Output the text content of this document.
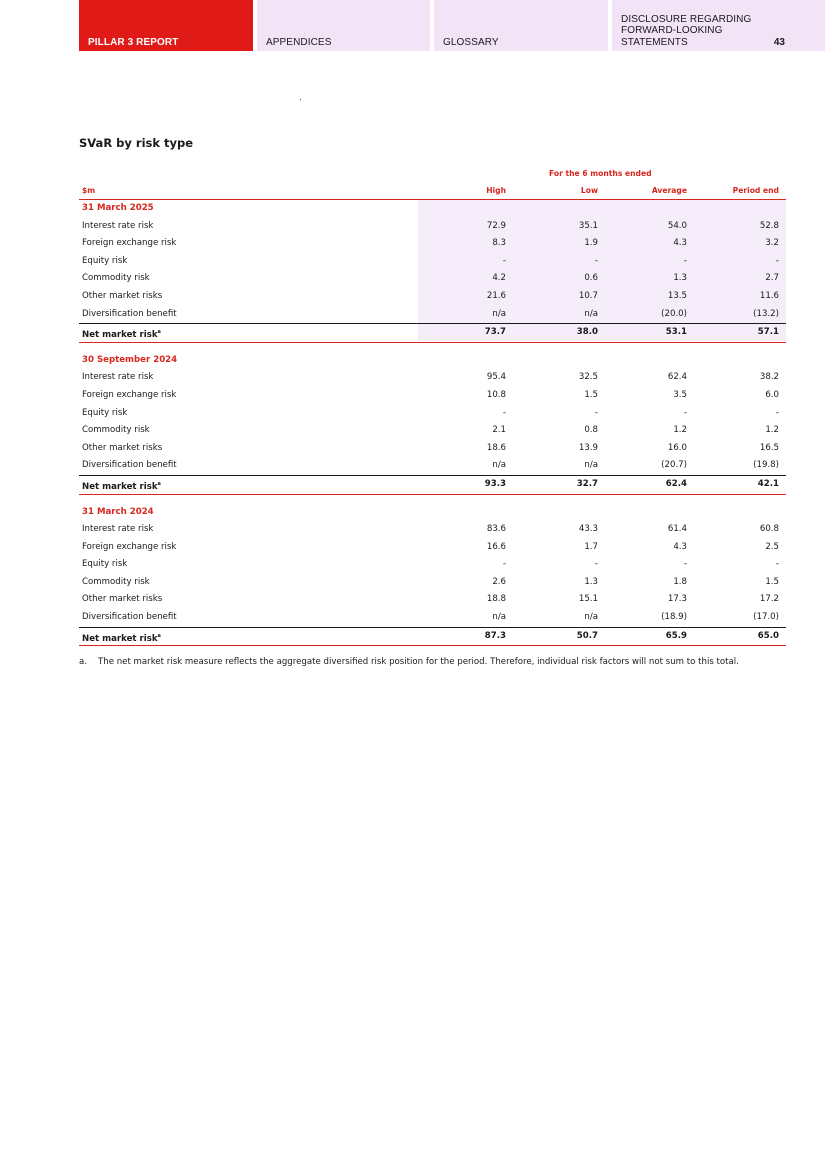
PILLAR 3 REPORT	APPENDICES	GLOSSARY
DISCLOSURE REGARDING FORWARD-LOOKING STATEMENTS	43
SVaR by risk type
For the 6 months ended
$m	High	Low	Average	Period end
31 March 2025
Interest rate risk	72.9	35.1	54.0	52.8
Foreign exchange risk	8.3	1.9	4.3	3.2
Equity risk	-	-	-	-
Commodity risk	4.2	0.6	1.3	2.7
Other market risks	21.6	10.7	13.5	11.6
Diversification benefit	n/a	n/a	(20.0)	(13.2)
Net market risk$^a$	73.7	38.0	53.1	57.1
30 September 2024
Interest rate risk	95.4	32.5	62.4	38.2
Foreign exchange risk	10.8	1.5	3.5	6.0
Equity risk	-	-	-	-
Commodity risk	2.1	0.8	1.2	1.2
Other market risks	18.6	13.9	16.0	16.5
Diversification benefit	n/a	n/a	(20.7)	(19.8)
Net market risk$^a$	93.3	32.7	62.4	42.1
31 March 2024
Interest rate risk	83.6	43.3	61.4	60.8
Foreign exchange risk	16.6	1.7	4.3	2.5
Equity risk	-	-	-	-
Commodity risk	2.6	1.3	1.8	1.5
Other market risks	18.8	15.1	17.3	17.2
Diversification benefit	n/a	n/a	(18.9)	(17.0)
Net market risk$^a$	87.3	50.7	65.9	65.0
a. The net market risk measure reflects the aggregate diversified risk position for the period. Therefore, individual risk factors will not sum to this total.
